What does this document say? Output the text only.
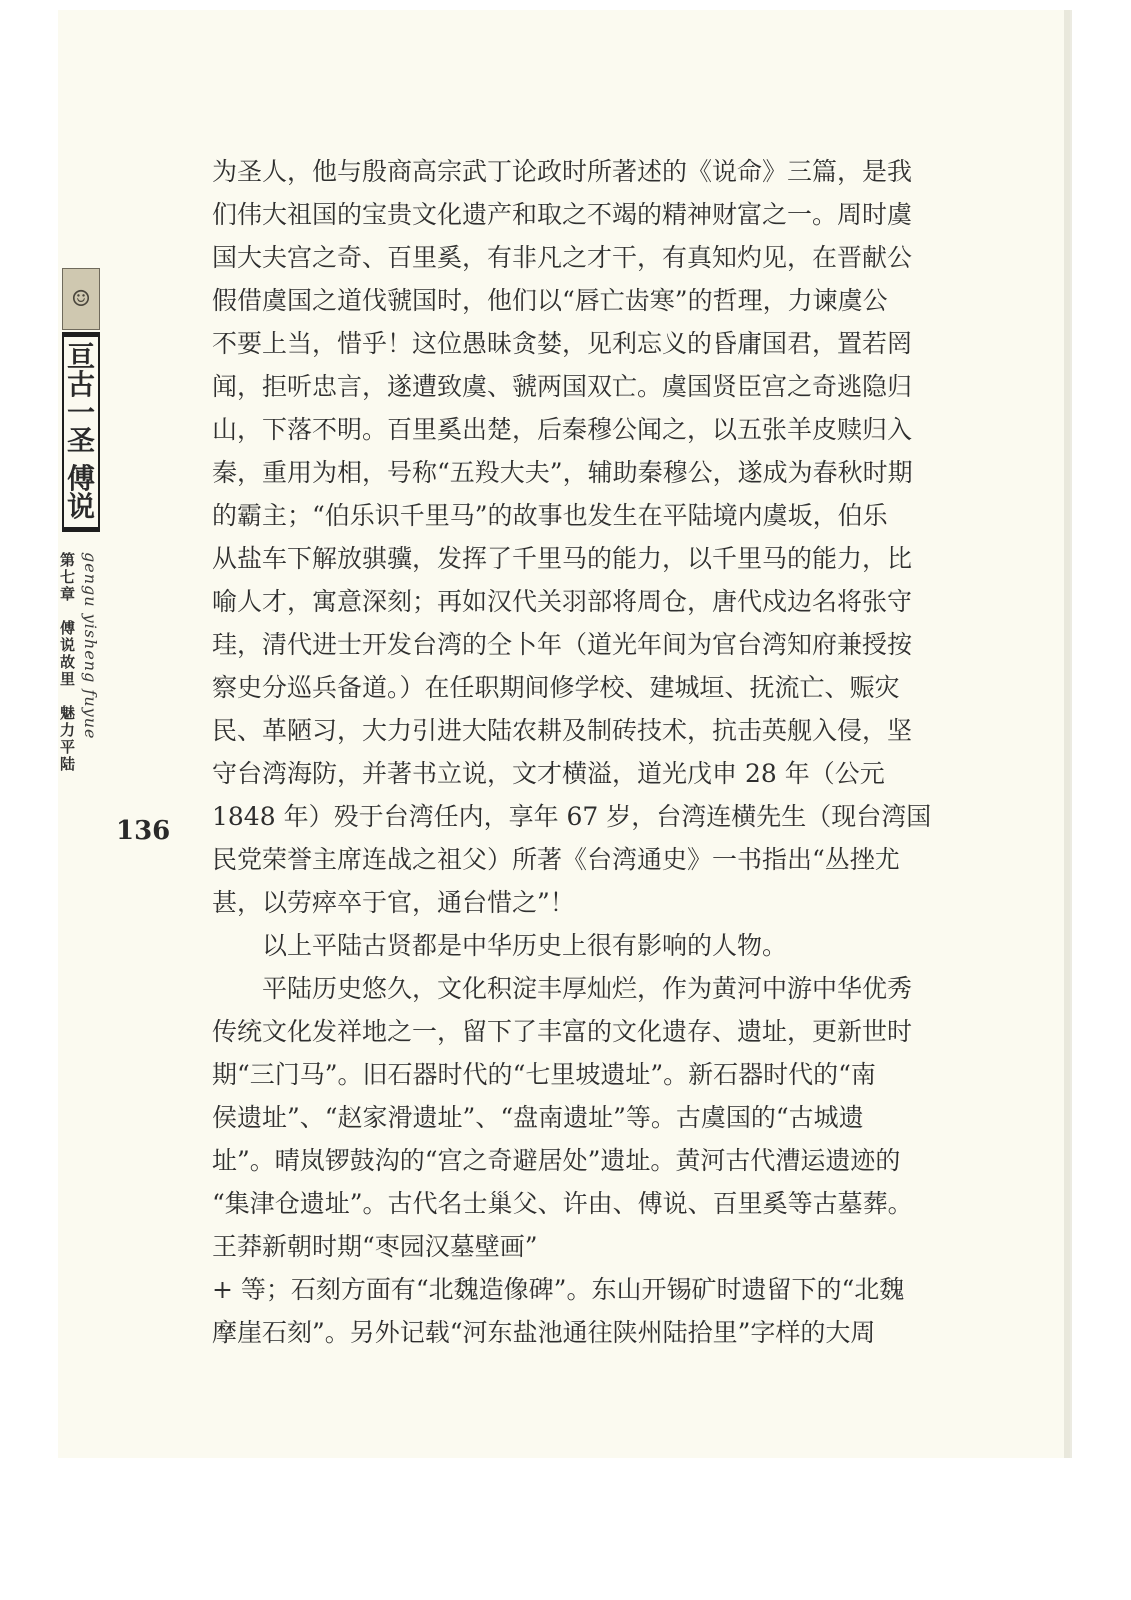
☺
亘
古
一
圣
傅
说
第七章　傅说故里　魅力平陆 gengu yisheng fuyue
136
为圣人，他与殷商高宗武丁论政时所著述的《说命》三篇，是我
们伟大祖国的宝贵文化遗产和取之不竭的精神财富之一。周时虞
国大夫宫之奇、百里奚，有非凡之才干，有真知灼见，在晋献公
假借虞国之道伐虢国时，他们以“唇亡齿寒”的哲理，力谏虞公
不要上当，惜乎！这位愚昧贪婪，见利忘义的昏庸国君，置若罔
闻，拒听忠言，遂遭致虞、虢两国双亡。虞国贤臣宫之奇逃隐归
山，下落不明。百里奚出楚，后秦穆公闻之，以五张羊皮赎归入
秦，重用为相，号称“五羖大夫”，辅助秦穆公，遂成为春秋时期
的霸主；“伯乐识千里马”的故事也发生在平陆境内虞坂，伯乐
从盐车下解放骐骥，发挥了千里马的能力，以千里马的能力，比
喻人才，寓意深刻；再如汉代关羽部将周仓，唐代戍边名将张守
珪，清代进士开发台湾的仝卜年（道光年间为官台湾知府兼授按
察史分巡兵备道。）在任职期间修学校、建城垣、抚流亡、赈灾
民、革陋习，大力引进大陆农耕及制砖技术，抗击英舰入侵，坚
守台湾海防，并著书立说，文才横溢，道光戊申 28 年（公元
1848 年）殁于台湾任内，享年 67 岁，台湾连横先生（现台湾国
民党荣誉主席连战之祖父）所著《台湾通史》一书指出“丛挫尤
甚，以劳瘁卒于官，通台惜之”！
以上平陆古贤都是中华历史上很有影响的人物。
平陆历史悠久，文化积淀丰厚灿烂，作为黄河中游中华优秀
传统文化发祥地之一，留下了丰富的文化遗存、遗址，更新世时
期“三门马”。旧石器时代的“七里坡遗址”。新石器时代的“南
侯遗址”、“赵家滑遗址”、“盘南遗址”等。古虞国的“古城遗
址”。晴岚锣鼓沟的“宫之奇避居处”遗址。黄河古代漕运遗迹的
“集津仓遗址”。古代名士巢父、许由、傅说、百里奚等古墓葬。
王莽新朝时期“枣园汉墓壁画”
+ 等；石刻方面有“北魏造像碑”。东山开锡矿时遗留下的“北魏
摩崖石刻”。另外记载“河东盐池通往陕州陆拾里”字样的大周
